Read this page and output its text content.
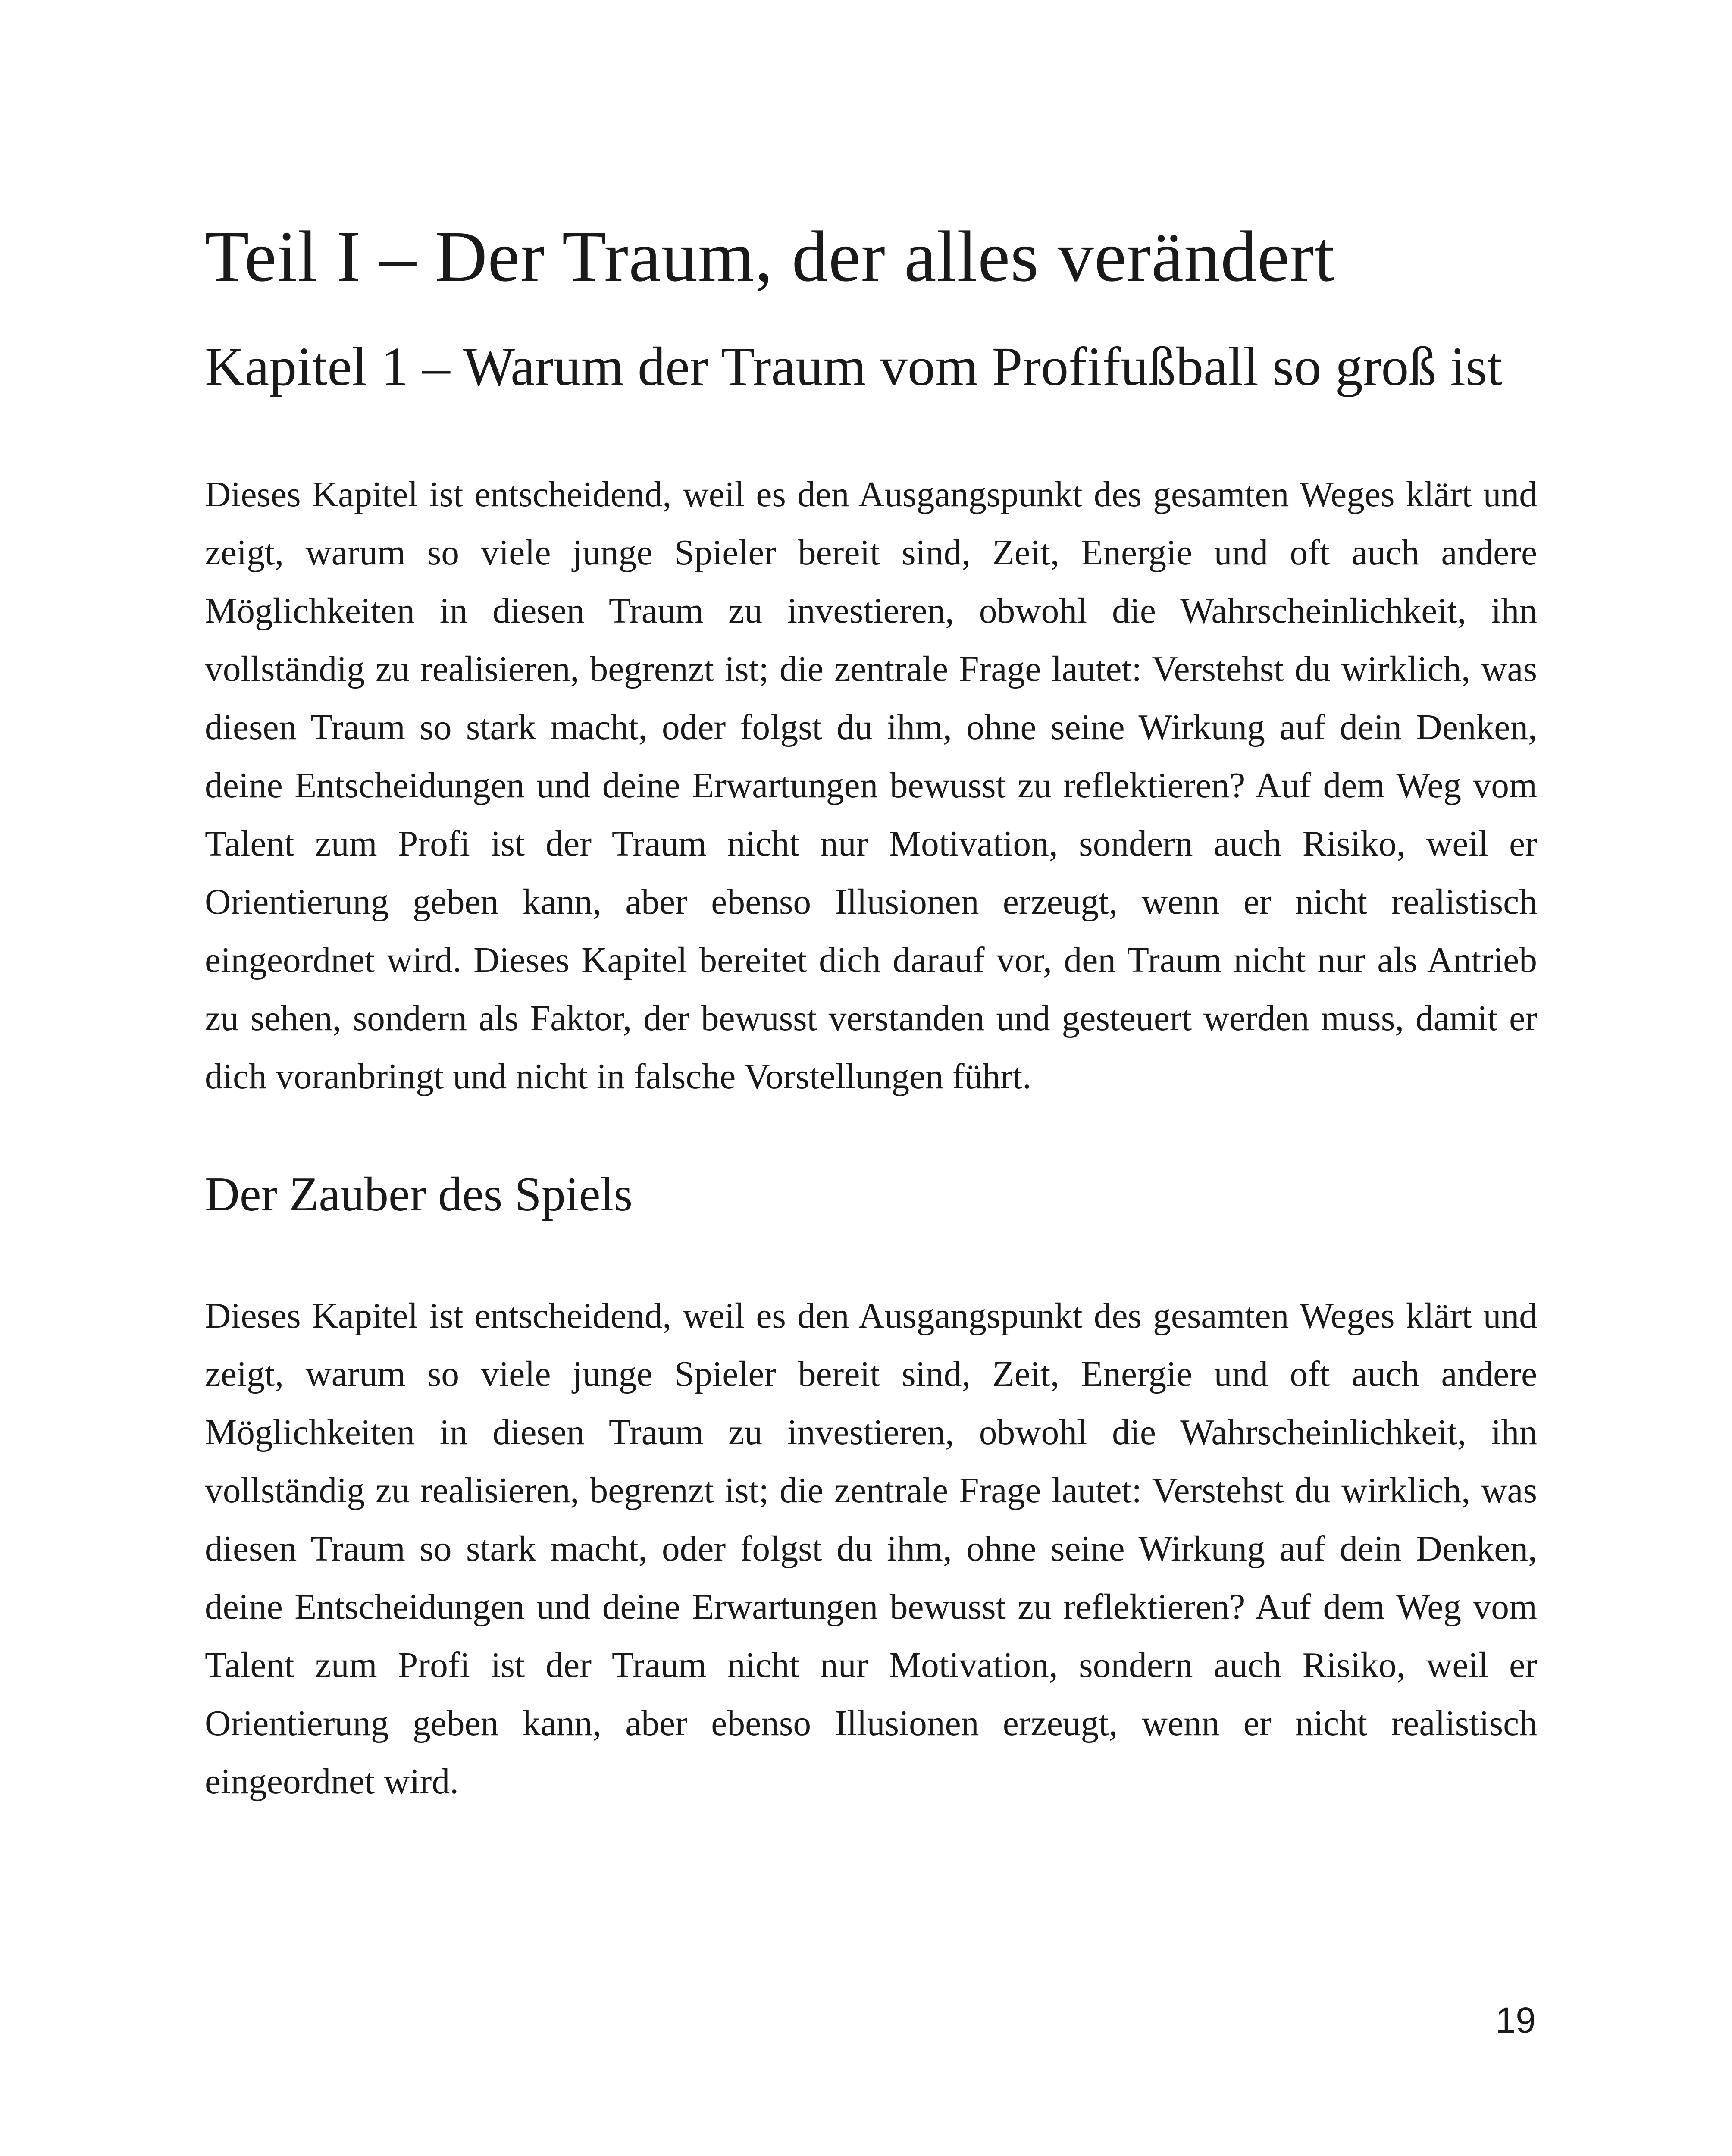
Teil I – Der Traum, der alles verändert
Kapitel 1 – Warum der Traum vom Profifußball so groß ist

Dieses Kapitel ist entscheidend, weil es den Ausgangspunkt des gesamten Weges klärt und zeigt, warum so viele junge Spieler bereit sind, Zeit, Energie und oft auch andere Möglichkeiten in diesen Traum zu investieren, obwohl die Wahrscheinlichkeit, ihn vollständig zu realisieren, begrenzt ist; die zentrale Frage lautet: Verstehst du wirklich, was diesen Traum so stark macht, oder folgst du ihm, ohne seine Wirkung auf dein Denken, deine Entscheidungen und deine Erwartungen bewusst zu reflektieren? Auf dem Weg vom Talent zum Profi ist der Traum nicht nur Motivation, sondern auch Risiko, weil er Orientierung geben kann, aber ebenso Illusionen erzeugt, wenn er nicht realistisch eingeordnet wird. Dieses Kapitel bereitet dich darauf vor, den Traum nicht nur als Antrieb zu sehen, sondern als Faktor, der bewusst verstanden und gesteuert werden muss, damit er dich voranbringt und nicht in falsche Vorstellungen führt.

Der Zauber des Spiels

Dieses Kapitel ist entscheidend, weil es den Ausgangspunkt des gesamten Weges klärt und zeigt, warum so viele junge Spieler bereit sind, Zeit, Energie und oft auch andere Möglichkeiten in diesen Traum zu investieren, obwohl die Wahrscheinlichkeit, ihn vollständig zu realisieren, begrenzt ist; die zentrale Frage lautet: Verstehst du wirklich, was diesen Traum so stark macht, oder folgst du ihm, ohne seine Wirkung auf dein Denken, deine Entscheidungen und deine Erwartungen bewusst zu reflektieren? Auf dem Weg vom Talent zum Profi ist der Traum nicht nur Motivation, sondern auch Risiko, weil er Orientierung geben kann, aber ebenso Illusionen erzeugt, wenn er nicht realistisch eingeordnet wird.

19
